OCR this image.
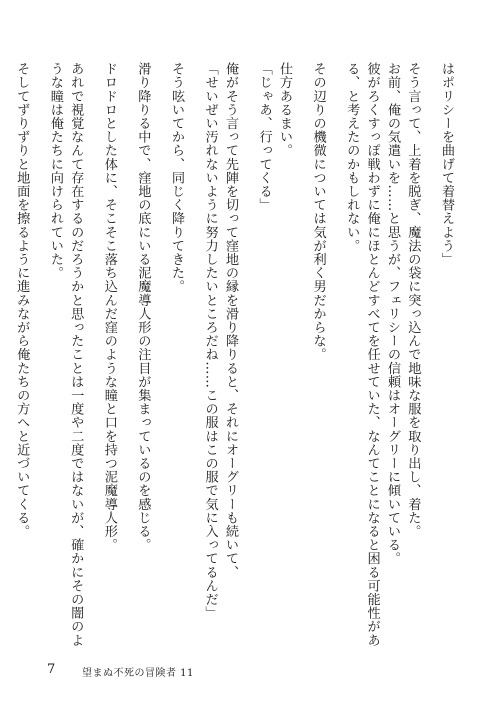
はポリシーを曲げて着替えよう」
そう言って、上着を脱ぎ、魔法の袋に突っ込んで地味な服を取り出し、着た。
お前、俺の気遣いを……と思うが、フェリシーの信頼はオーグリーに傾いている。
彼がろくすっぽ戦わずに俺にほとんどすべてを任せていた、なんてことになると困る可能性があ
る、と考えたのかもしれない。
その辺りの機微については気が利く男だからな。
仕方あるまい。
「じゃあ、行ってくる」
俺がそう言って先陣を切って窪地の縁を滑り降りると、それにオーグリーも続いて、
「せいぜい汚れないように努力したいところだね……この服はこの服で気に入ってるんだ」
そう呟いてから、同じく降りてきた。
滑り降りる中で、窪地の底にいる泥魔導人形の注目が集まっているのを感じる。
ドロドロとした体に、そこそこ落ち込んだ窪のような瞳と口を持つ泥魔導人形。
あれで視覚なんて存在するのだろうかと思ったことは一度や二度ではないが、確かにその闇のよ
うな瞳は俺たちに向けられていた。
そしてずりずりと地面を擦るように進みながら俺たちの方へと近づいてくる。
7	望まぬ不死の冒険者 11
